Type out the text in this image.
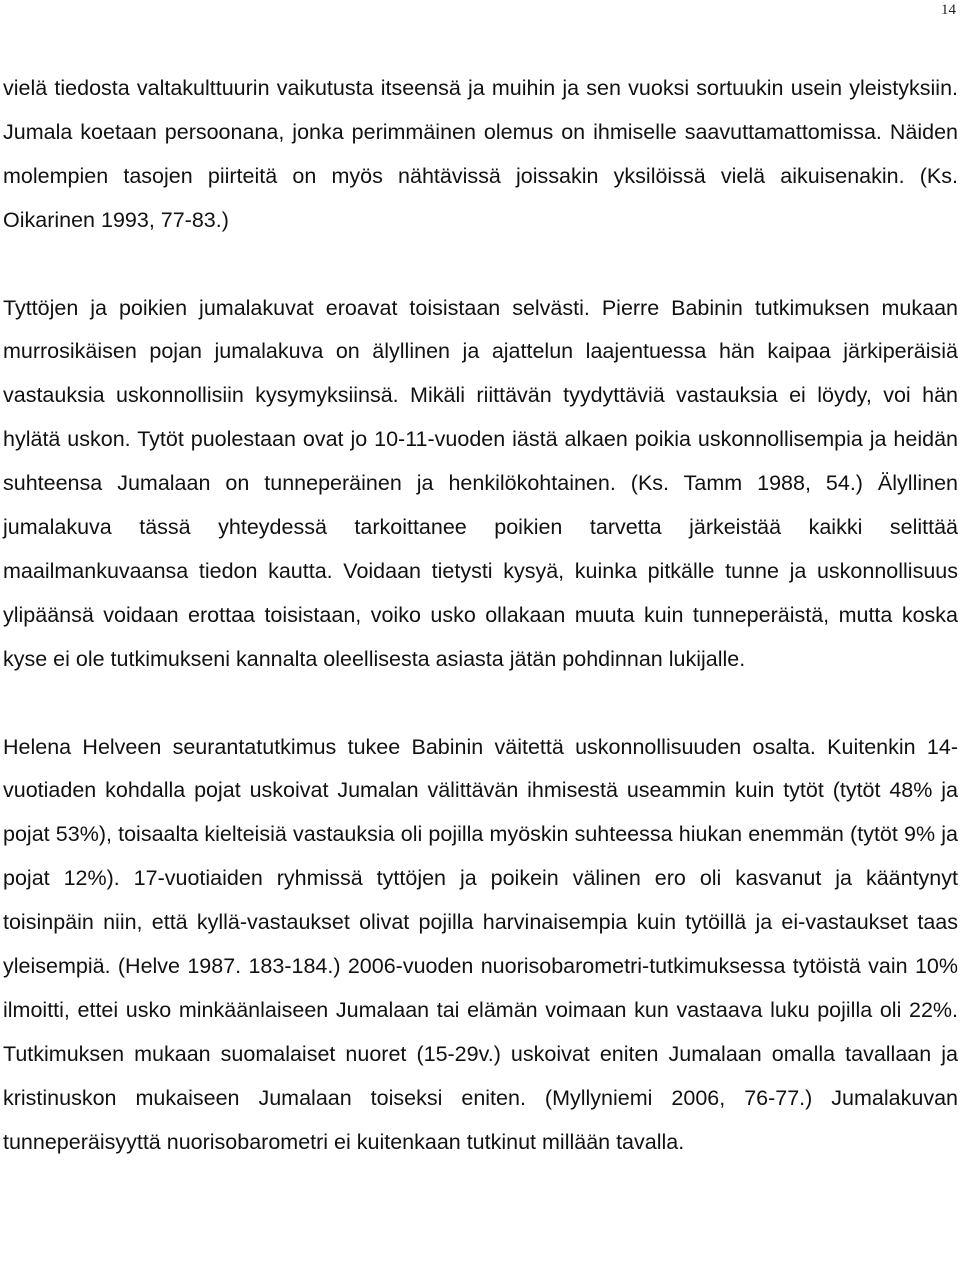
14

vielä tiedosta valtakulttuurin vaikutusta itseensä ja muihin ja sen vuoksi sortuukin usein yleistyksiin. Jumala koetaan persoonana, jonka perimmäinen olemus on ihmiselle saavuttamattomissa. Näiden molempien tasojen piirteitä on myös nähtävissä joissakin yksilöissä vielä aikuisenakin. (Ks. Oikarinen 1993, 77-83.)

Tyttöjen ja poikien jumalakuvat eroavat toisistaan selvästi. Pierre Babinin tutkimuksen mukaan murrosikäisen pojan jumalakuva on älyllinen ja ajattelun laajentuessa hän kaipaa järkiperäisiä vastauksia uskonnollisiin kysymyksiinsä. Mikäli riittävän tyydyttäviä vastauksia ei löydy, voi hän hylätä uskon. Tytöt puolestaan ovat jo 10-11-vuoden iästä alkaen poikia uskonnollisempia ja heidän suhteensa Jumalaan on tunneperäinen ja henkilökohtainen. (Ks. Tamm 1988, 54.) Älyllinen jumalakuva tässä yhteydessä tarkoittanee poikien tarvetta järkeistää kaikki selittää maailmankuvaansa tiedon kautta. Voidaan tietysti kysyä, kuinka pitkälle tunne ja uskonnollisuus ylipäänsä voidaan erottaa toisistaan, voiko usko ollakaan muuta kuin tunneperäistä, mutta koska kyse ei ole tutkimukseni kannalta oleellisesta asiasta jätän pohdinnan lukijalle.

Helena Helveen seurantatutkimus tukee Babinin väitettä uskonnollisuuden osalta. Kuitenkin 14-vuotiaden kohdalla pojat uskoivat Jumalan välittävän ihmisestä useammin kuin tytöt (tytöt 48% ja pojat 53%), toisaalta kielteisiä vastauksia oli pojilla myöskin suhteessa hiukan enemmän (tytöt 9% ja pojat 12%). 17-vuotiaiden ryhmissä tyttöjen ja poikein välinen ero oli kasvanut ja kääntynyt toisinpäin niin, että kyllä-vastaukset olivat pojilla harvinaisempia kuin tytöillä ja ei-vastaukset taas yleisempiä. (Helve 1987. 183-184.) 2006-vuoden nuorisobarometri-tutkimuksessa tytöistä vain 10% ilmoitti, ettei usko minkäänlaiseen Jumalaan tai elämän voimaan kun vastaava luku pojilla oli 22%. Tutkimuksen mukaan suomalaiset nuoret (15-29v.) uskoivat eniten Jumalaan omalla tavallaan ja kristinuskon mukaiseen Jumalaan toiseksi eniten. (Myllyniemi 2006, 76-77.) Jumalakuvan tunneperäisyyttä nuorisobarometri ei kuitenkaan tutkinut millään tavalla.
